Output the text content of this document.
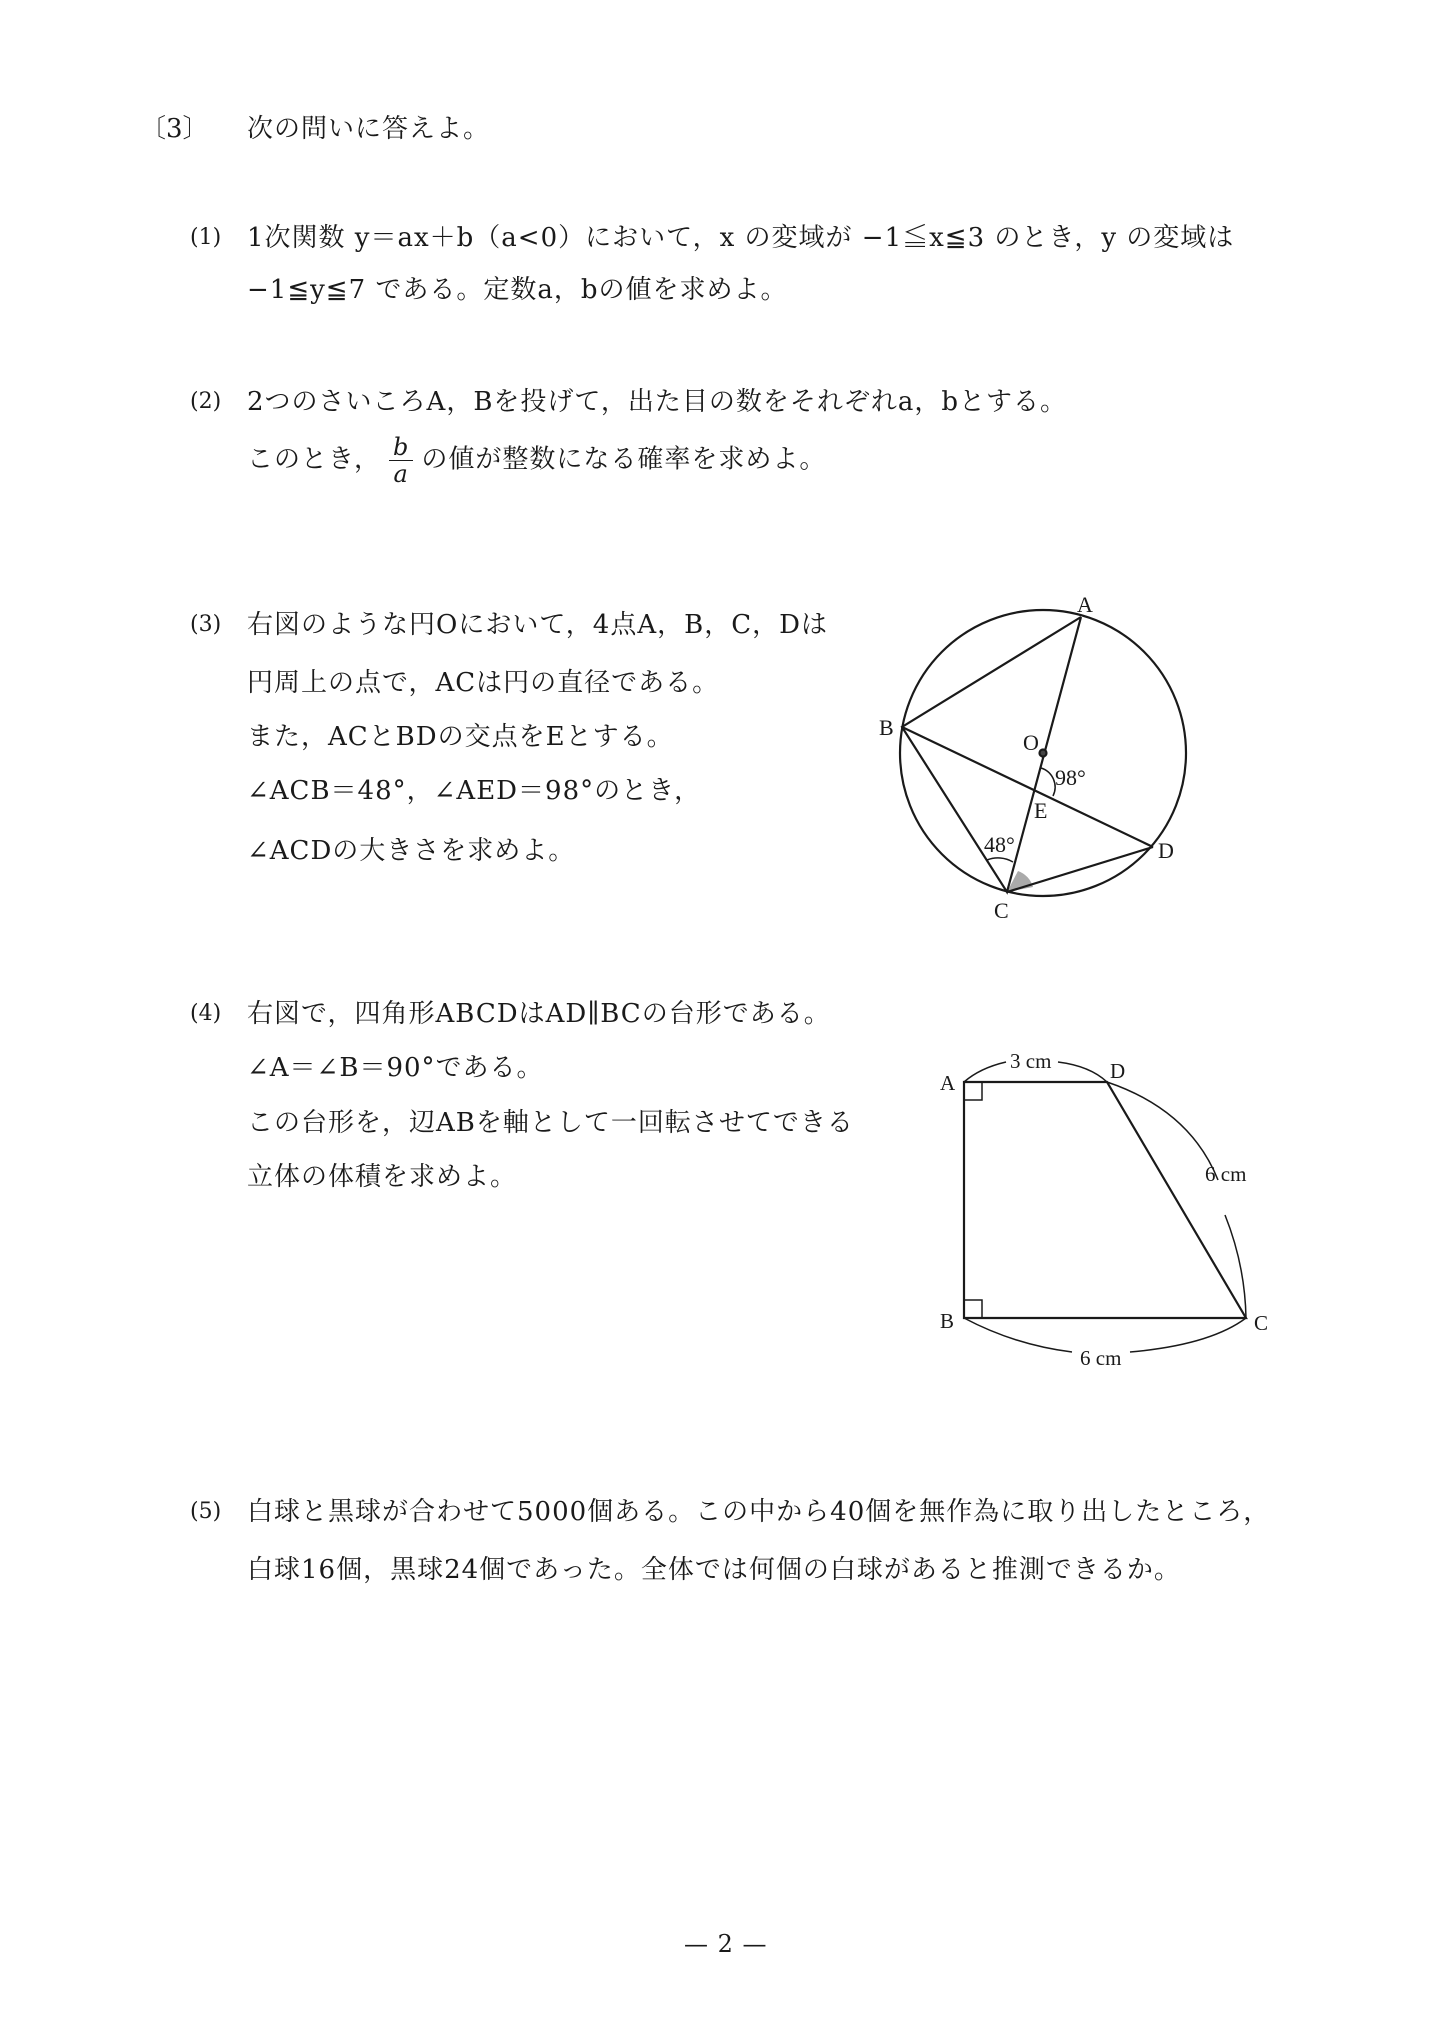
〔3〕 次の問いに答えよ。
(1) 1次関数 y＝ax＋b（a<0）において，x の変域が −1≦x≦3 のとき，y の変域は
−1≦y≦7 である。定数a，bの値を求めよ。
(2) 2つのさいころA，Bを投げて，出た目の数をそれぞれa，bとする。
このとき， $\frac{b}{a}$ の値が整数になる確率を求めよ。
(3) 右図のような円Oにおいて，4点A，B，C，Dは
円周上の点で，ACは円の直径である。
また，ACとBDの交点をEとする。
∠ACB＝48°，∠AED＝98°のとき，
∠ACDの大きさを求めよ。
(4) 右図で，四角形ABCDはAD∥BCの台形である。
∠A＝∠B＝90°である。
この台形を，辺ABを軸として一回転させてできる
立体の体積を求めよ。
(5) 白球と黒球が合わせて5000個ある。この中から40個を無作為に取り出したところ，
白球16個，黒球24個であった。全体では何個の白球があると推測できるか。
A
B
C
D
E
O
98°
48°
A	D
B	C
3 cm
6 cm
6 cm
— 2 —
